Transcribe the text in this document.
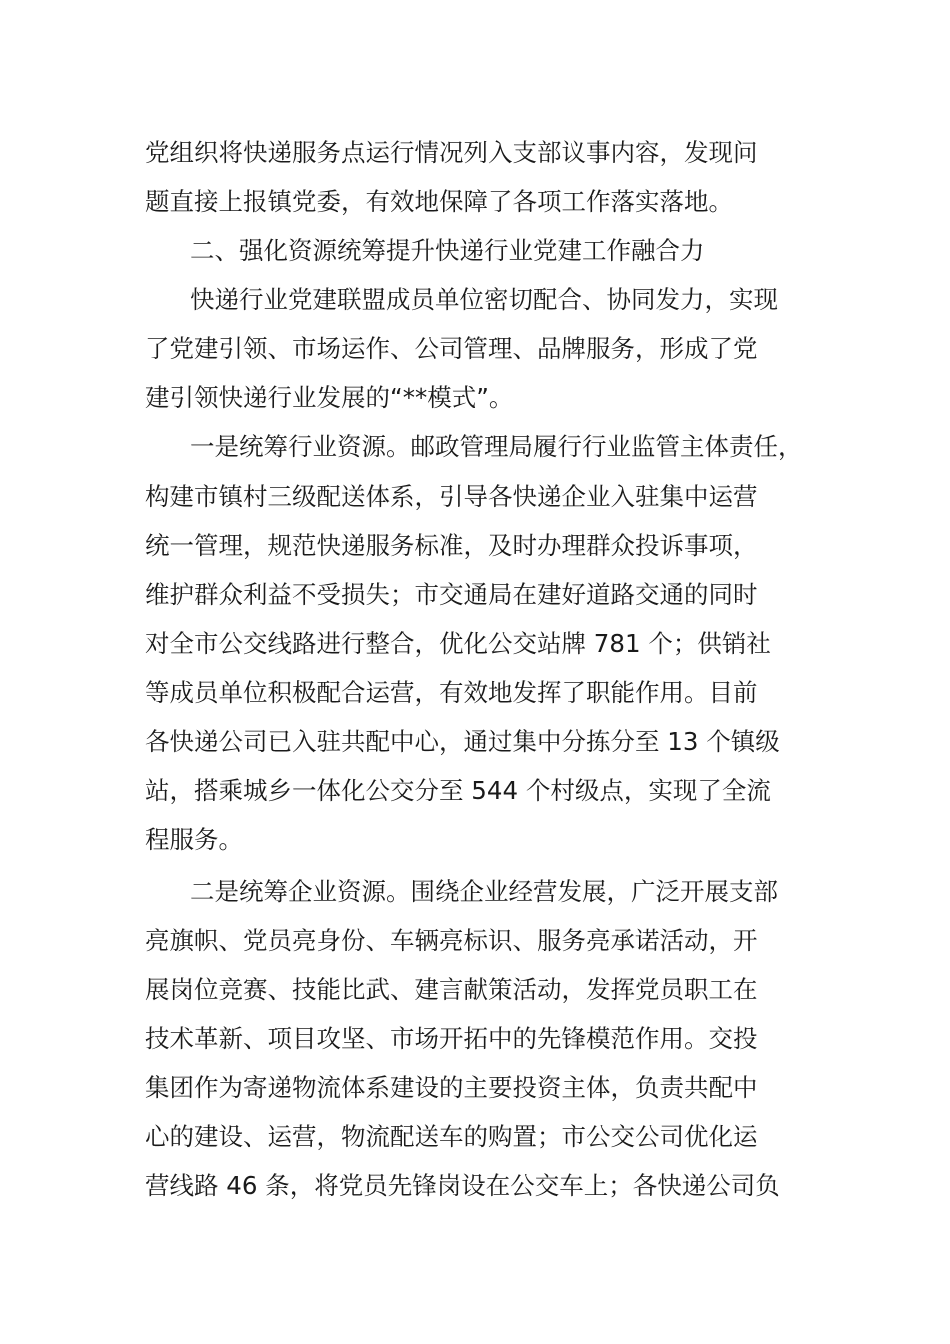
党组织将快递服务点运行情况列入支部议事内容，发现问
题直接上报镇党委，有效地保障了各项工作落实落地。
二、强化资源统筹提升快递行业党建工作融合力
快递行业党建联盟成员单位密切配合、协同发力，实现
了党建引领、市场运作、公司管理、品牌服务，形成了党
建引领快递行业发展的“**模式”。
一是统筹行业资源。邮政管理局履行行业监管主体责任，
构建市镇村三级配送体系，引导各快递企业入驻集中运营
统一管理，规范快递服务标准，及时办理群众投诉事项，
维护群众利益不受损失；市交通局在建好道路交通的同时
对全市公交线路进行整合，优化公交站牌 781 个；供销社
等成员单位积极配合运营，有效地发挥了职能作用。目前
各快递公司已入驻共配中心，通过集中分拣分至 13 个镇级
站，搭乘城乡一体化公交分至 544 个村级点，实现了全流
程服务。
二是统筹企业资源。围绕企业经营发展，广泛开展支部
亮旗帜、党员亮身份、车辆亮标识、服务亮承诺活动，开
展岗位竞赛、技能比武、建言献策活动，发挥党员职工在
技术革新、项目攻坚、市场开拓中的先锋模范作用。交投
集团作为寄递物流体系建设的主要投资主体，负责共配中
心的建设、运营，物流配送车的购置；市公交公司优化运
营线路 46 条，将党员先锋岗设在公交车上；各快递公司负
